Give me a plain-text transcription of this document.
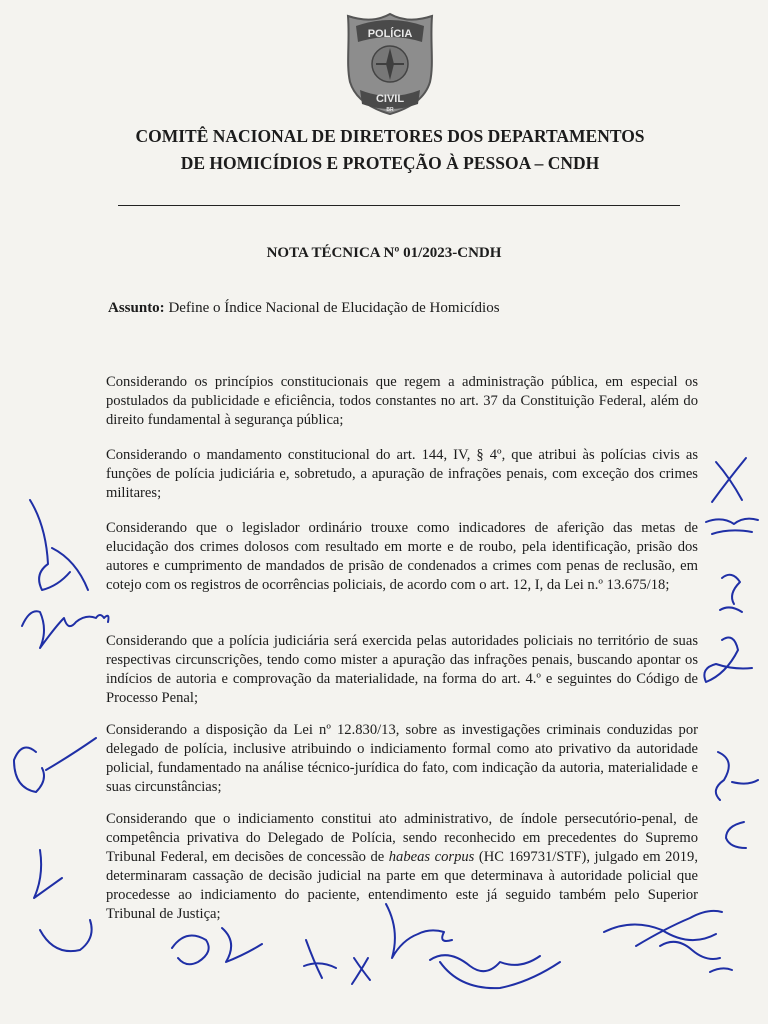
POLÍCIA
CIVIL
BR
COMITÊ NACIONAL DE DIRETORES DOS DEPARTAMENTOS
DE HOMICÍDIOS E PROTEÇÃO À PESSOA – CNDH
NOTA TÉCNICA Nº 01/2023-CNDH
Assunto: Define o Índice Nacional de Elucidação de Homicídios

Considerando os princípios constitucionais que regem a administração pública, em especial os postulados da publicidade e eficiência, todos constantes no art. 37 da Constituição Federal, além do direito fundamental à segurança pública;

Considerando o mandamento constitucional do art. 144, IV, § 4º, que atribui às polícias civis as funções de polícia judiciária e, sobretudo, a apuração de infrações penais, com exceção dos crimes militares;

Considerando que o legislador ordinário trouxe como indicadores de aferição das metas de elucidação dos crimes dolosos com resultado em morte e de roubo, pela identificação, prisão dos autores e cumprimento de mandados de prisão de condenados a crimes com penas de reclusão, em cotejo com os registros de ocorrências policiais, de acordo com o art. 12, I, da Lei n.º 13.675/18;

Considerando que a polícia judiciária será exercida pelas autoridades policiais no território de suas respectivas circunscrições, tendo como mister a apuração das infrações penais, buscando apontar os indícios de autoria e comprovação da materialidade, na forma do art. 4.º e seguintes do Código de Processo Penal;

Considerando a disposição da Lei nº 12.830/13, sobre as investigações criminais conduzidas por delegado de polícia, inclusive atribuindo o indiciamento formal como ato privativo da autoridade policial, fundamentado na análise técnico-jurídica do fato, com indicação da autoria, materialidade e suas circunstâncias;

Considerando que o indiciamento constitui ato administrativo, de índole persecutório-penal, de competência privativa do Delegado de Polícia, sendo reconhecido em precedentes do Supremo Tribunal Federal, em decisões de concessão de habeas corpus (HC 169731/STF), julgado em 2019, determinaram cassação de decisão judicial na parte em que determinava à autoridade policial que procedesse ao indiciamento do paciente, entendimento este já seguido também pelo Superior Tribunal de Justiça;
